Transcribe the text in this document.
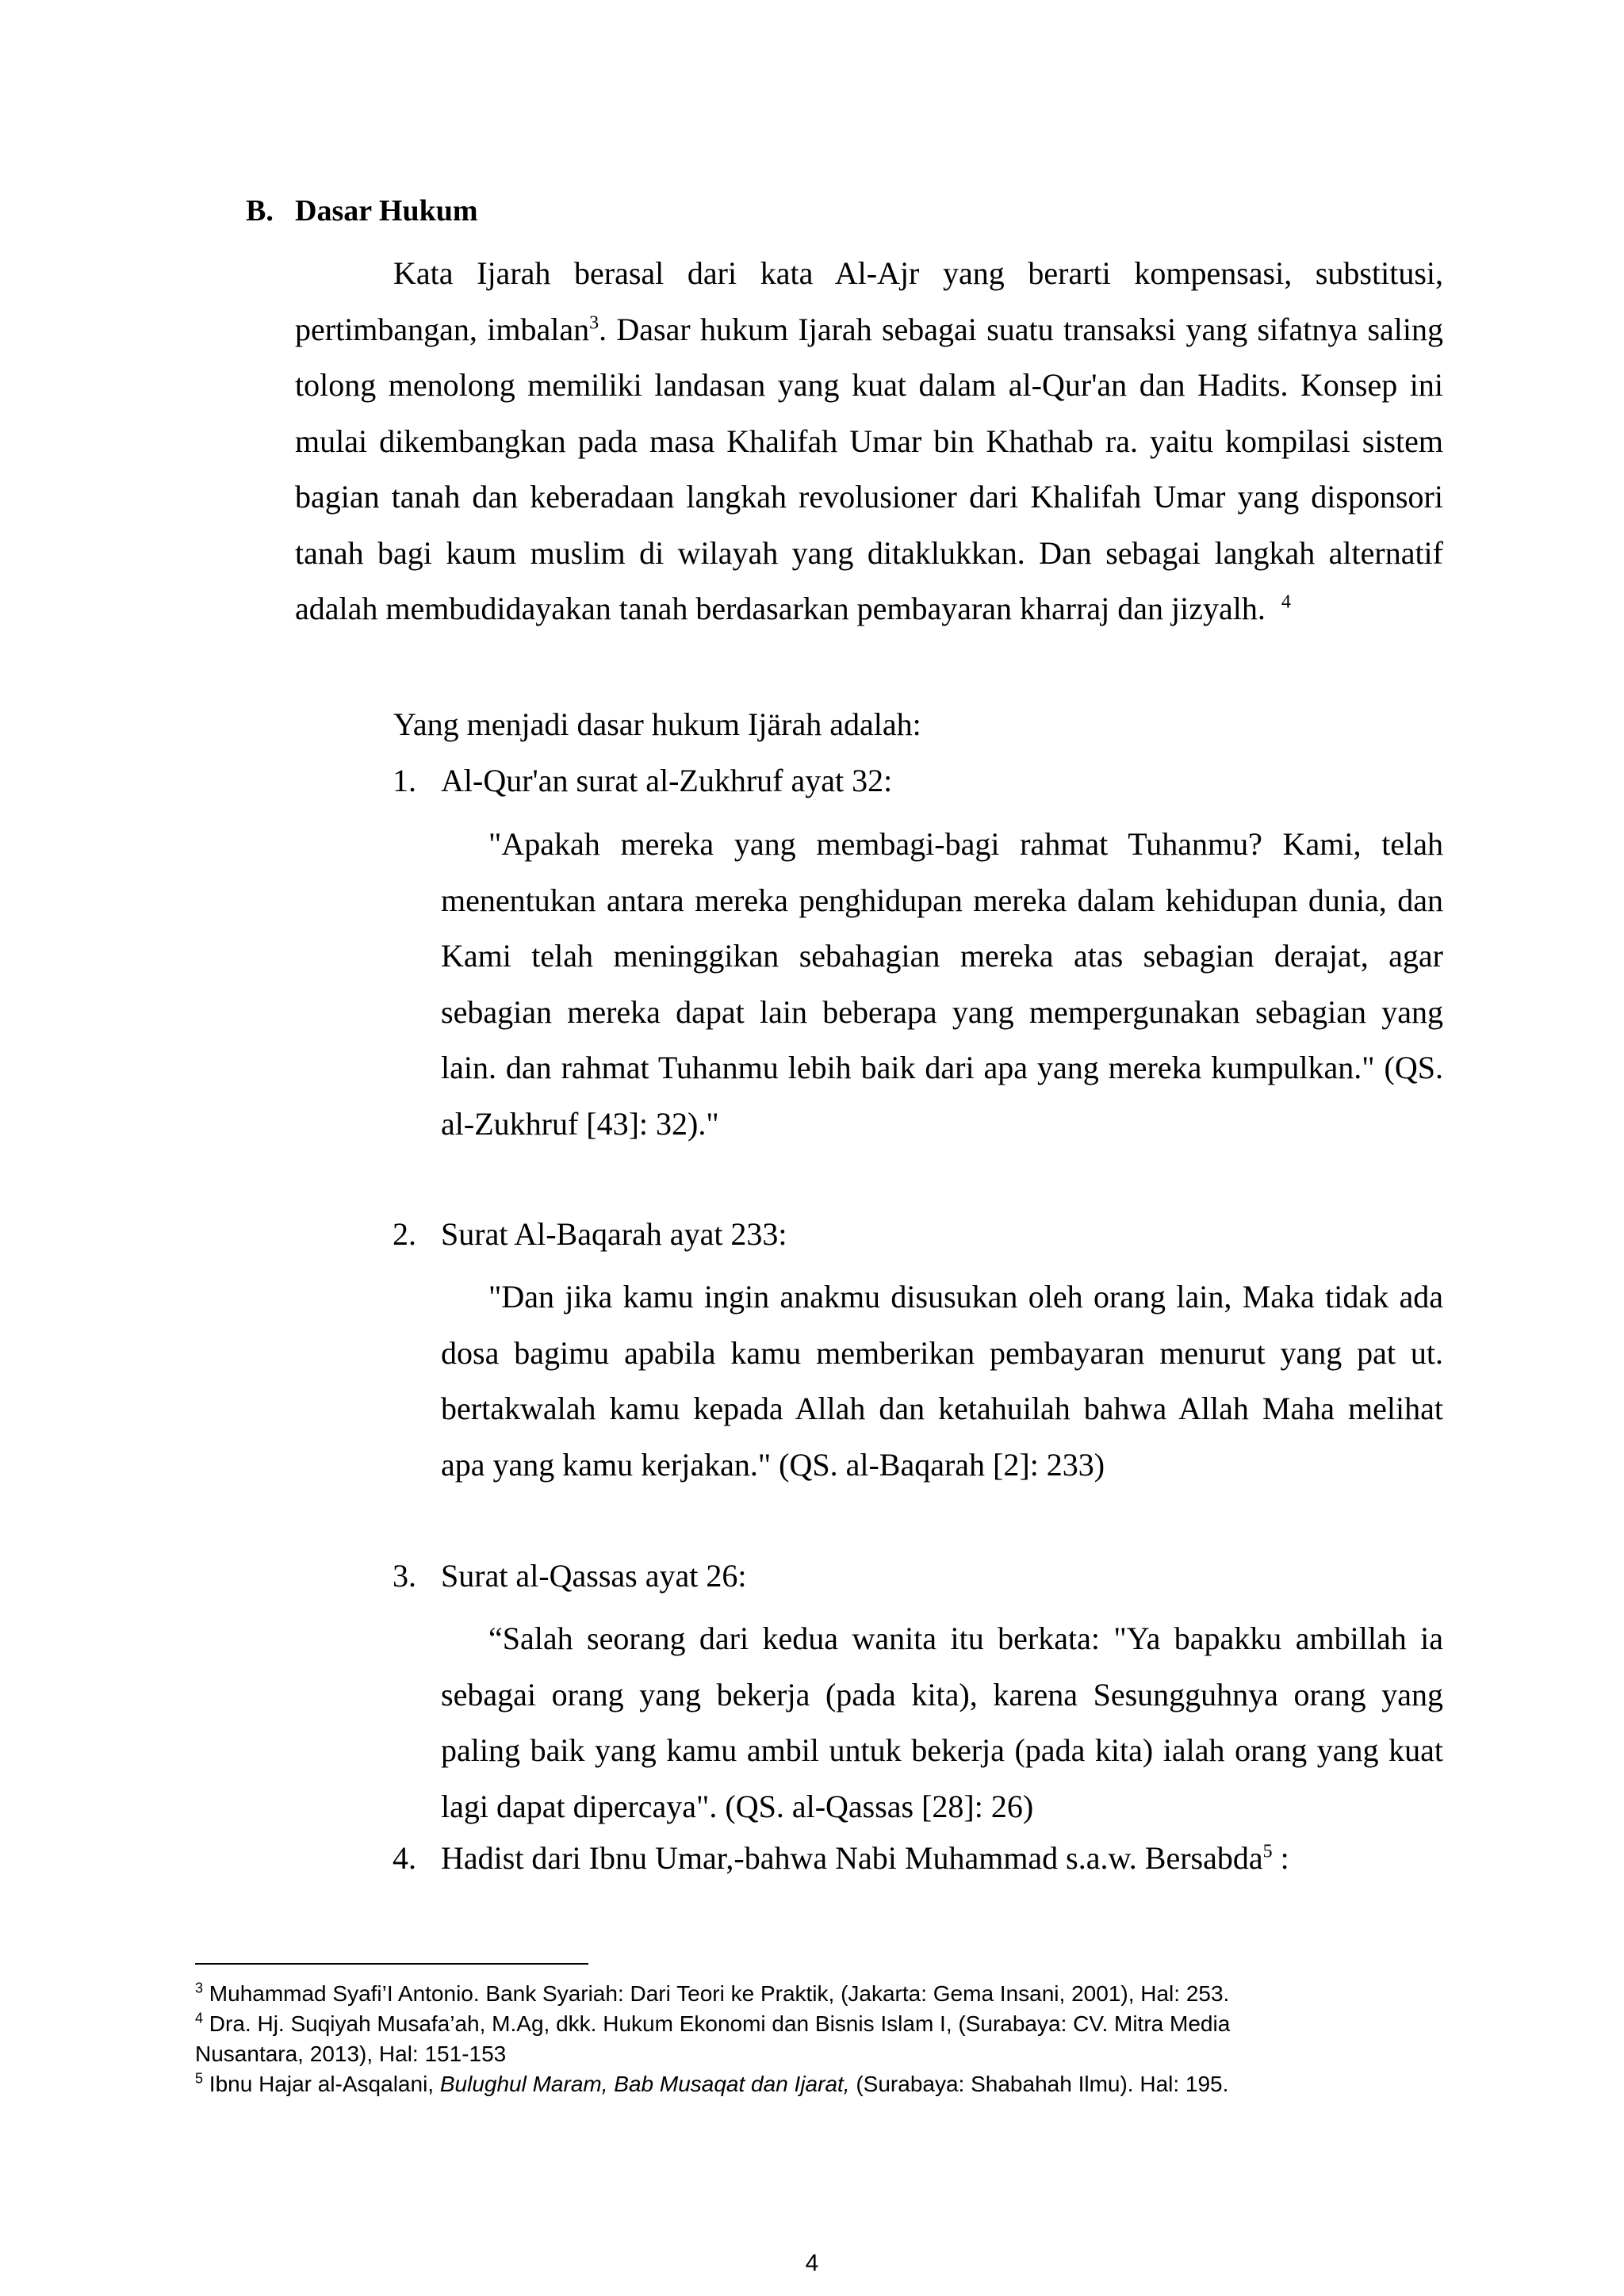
B. Dasar Hukum

Kata Ijarah berasal dari kata Al-Ajr yang berarti kompensasi, substitusi, pertimbangan, imbalan$^3$. Dasar hukum Ijarah sebagai suatu transaksi yang sifatnya saling tolong menolong memiliki landasan yang kuat dalam al-Qur'an dan Hadits. Konsep ini mulai dikembangkan pada masa Khalifah Umar bin Khathab ra. yaitu kompilasi sistem bagian tanah dan keberadaan langkah revolusioner dari Khalifah Umar yang disponsori tanah bagi kaum muslim di wilayah yang ditaklukkan. Dan sebagai langkah alternatif adalah membudidayakan tanah berdasarkan pembayaran kharraj dan jizyalh. $^4$

Yang menjadi dasar hukum Ijärah adalah:
1. Al-Qur'an surat al-Zukhruf ayat 32:

"Apakah mereka yang membagi-bagi rahmat Tuhanmu? Kami, telah menentukan antara mereka penghidupan mereka dalam kehidupan dunia, dan Kami telah meninggikan sebahagian mereka atas sebagian derajat, agar sebagian mereka dapat lain beberapa yang mempergunakan sebagian yang lain. dan rahmat Tuhanmu lebih baik dari apa yang mereka kumpulkan." (QS. al-Zukhruf [43]: 32)."

2. Surat Al-Baqarah ayat 233:

"Dan jika kamu ingin anakmu disusukan oleh orang lain, Maka tidak ada dosa bagimu apabila kamu memberikan pembayaran menurut yang pat ut. bertakwalah kamu kepada Allah dan ketahuilah bahwa Allah Maha melihat apa yang kamu kerjakan." (QS. al-Baqarah [2]: 233)

3. Surat al-Qassas ayat 26:

“Salah seorang dari kedua wanita itu berkata: "Ya bapakku ambillah ia sebagai orang yang bekerja (pada kita), karena Sesungguhnya orang yang paling baik yang kamu ambil untuk bekerja (pada kita) ialah orang yang kuat lagi dapat dipercaya". (QS. al-Qassas [28]: 26)

4. Hadist dari Ibnu Umar,-bahwa Nabi Muhammad s.a.w. Bersabda$^5$ :
$^3$ Muhammad Syafi’I Antonio. Bank Syariah: Dari Teori ke Praktik, (Jakarta: Gema Insani, 2001), Hal: 253.
$^4$ Dra. Hj. Suqiyah Musafa’ah, M.Ag, dkk. Hukum Ekonomi dan Bisnis Islam I, (Surabaya: CV. Mitra Media
Nusantara, 2013), Hal: 151-153
$^5$ Ibnu Hajar al-Asqalani, Bulughul Maram, Bab Musaqat dan Ijarat, (Surabaya: Shabahah Ilmu). Hal: 195.
4
